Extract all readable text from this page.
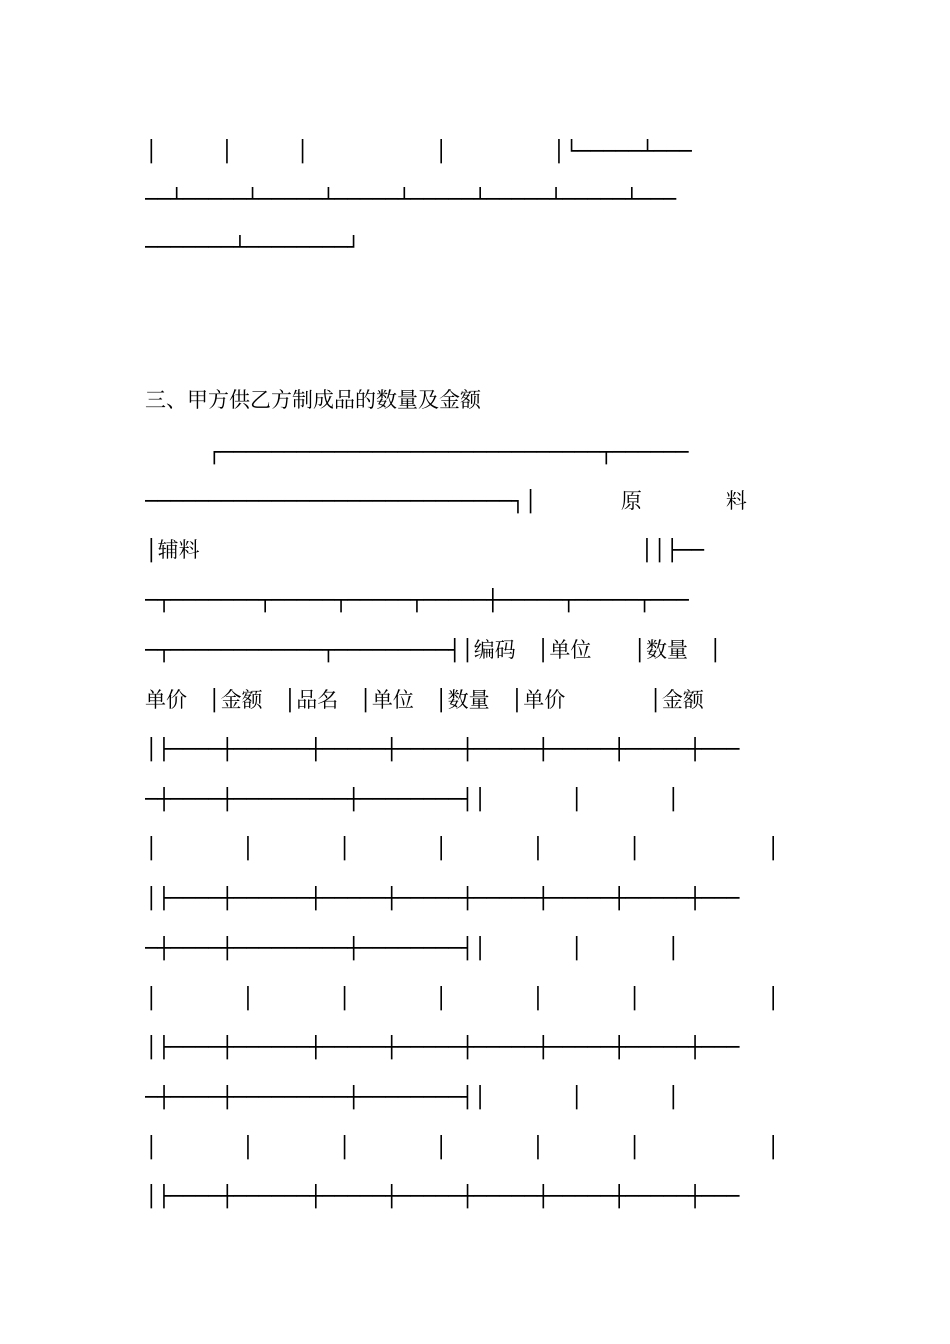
│　　　│　　　│　　　　　　│　　　　　│└─────┴───
──┴─────┴─────┴─────┴─────┴─────┴─────┴───
───────┴────────┘
三、甲方供乙方制成品的数量及金额
　　　┌──────────────────────────────┬──────
─────────────────────────────┐│　　　　原　　　　料
│辅料　　　　　　　　　　　　　　　　　　　　　││├──
─┬───────┬─────┬─────┬─────┼─────┬─────┬───
─┬────────────┬─────────┤│编码　│单位　　│数量　│
单价　│金额　│品名　│单位　│数量　│单价　　　　│金额
│├────┼──────┼─────┼─────┼─────┼─────┼─────┼───
─┼────┼─────────┼────────┤│　　　　│　　　　│
│　　　　│　　　　│　　　　│　　　　│　　　　│　　　　　　│
│├────┼──────┼─────┼─────┼─────┼─────┼─────┼───
─┼────┼─────────┼────────┤│　　　　│　　　　│
│　　　　│　　　　│　　　　│　　　　│　　　　│　　　　　　│
│├────┼──────┼─────┼─────┼─────┼─────┼─────┼───
─┼────┼─────────┼────────┤│　　　　│　　　　│
│　　　　│　　　　│　　　　│　　　　│　　　　│　　　　　　│
│├────┼──────┼─────┼─────┼─────┼─────┼─────┼───
